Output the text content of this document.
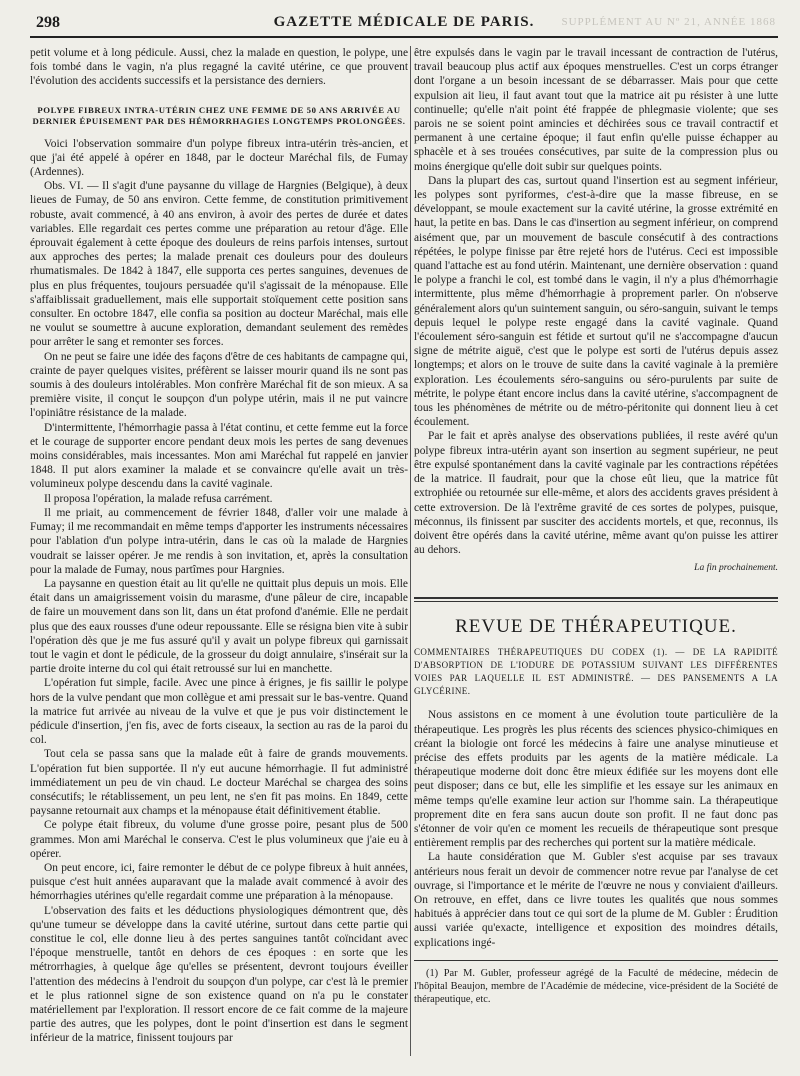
298	GAZETTE MÉDICALE DE PARIS.	SUPPLÉMENT AU Nº 21, ANNÉE 1868

petit volume et à long pédicule. Aussi, chez la malade en question, le polype, une fois tombé dans le vagin, n'a plus regagné la cavité utérine, ce que prouvent l'évolution des accidents successifs et la persistance des derniers.

POLYPE FIBREUX INTRA-UTÉRIN CHEZ UNE FEMME DE 50 ANS ARRIVÉE AU DERNIER ÉPUISEMENT PAR DES HÉMORRHAGIES LONGTEMPS PROLONGÉES.

Voici l'observation sommaire d'un polype fibreux intra-utérin très-ancien, et que j'ai été appelé à opérer en 1848, par le docteur Maréchal fils, de Fumay (Ardennes).

Obs. VI. — Il s'agit d'une paysanne du village de Hargnies (Belgique), à deux lieues de Fumay, de 50 ans environ. Cette femme, de constitution primitivement robuste, avait commencé, à 40 ans environ, à avoir des pertes de durée et dates variables. Elle regardait ces pertes comme une préparation au retour d'âge. Elle éprouvait également à cette époque des douleurs de reins parfois intenses, surtout aux approches des pertes; la malade prenait ces douleurs pour des douleurs rhumatismales. De 1842 à 1847, elle supporta ces pertes sanguines, devenues de plus en plus fréquentes, toujours persuadée qu'il s'agissait de la ménopause. Elle s'affaiblissait graduellement, mais elle supportait stoïquement cette position sans consulter. En octobre 1847, elle confia sa position au docteur Maréchal, mais elle ne voulut se soumettre à aucune exploration, demandant seulement des remèdes pour arrêter le sang et remonter ses forces.

On ne peut se faire une idée des façons d'être de ces habitants de campagne qui, crainte de payer quelques visites, préfèrent se laisser mourir quand ils ne sont pas soumis à des douleurs intolérables. Mon confrère Maréchal fit de son mieux. A sa première visite, il conçut le soupçon d'un polype utérin, mais il ne put vaincre l'opiniâtre résistance de la malade.

D'intermittente, l'hémorrhagie passa à l'état continu, et cette femme eut la force et le courage de supporter encore pendant deux mois les pertes de sang devenues moins considérables, mais incessantes. Mon ami Maréchal fut rappelé en janvier 1848. Il put alors examiner la malade et se convaincre qu'elle avait un très-volumineux polype descendu dans la cavité vaginale.

Il proposa l'opération, la malade refusa carrément.

Il me priait, au commencement de février 1848, d'aller voir une malade à Fumay; il me recommandait en même temps d'apporter les instruments nécessaires pour l'ablation d'un polype intra-utérin, dans le cas où la malade de Hargnies voudrait se laisser opérer. Je me rendis à son invitation, et, après la consultation pour la malade de Fumay, nous partîmes pour Hargnies.

La paysanne en question était au lit qu'elle ne quittait plus depuis un mois. Elle était dans un amaigrissement voisin du marasme, d'une pâleur de cire, incapable de faire un mouvement dans son lit, dans un état profond d'anémie. Elle ne perdait plus que des eaux rousses d'une odeur repoussante. Elle se résigna bien vite à subir l'opération dès que je me fus assuré qu'il y avait un polype fibreux qui garnissait tout le vagin et dont le pédicule, de la grosseur du doigt annulaire, s'insérait sur la partie droite interne du col qui était retroussé sur lui en manchette.

L'opération fut simple, facile. Avec une pince à érignes, je fis saillir le polype hors de la vulve pendant que mon collègue et ami pressait sur le bas-ventre. Quand la matrice fut arrivée au niveau de la vulve et que je pus voir distinctement le pédicule d'insertion, j'en fis, avec de forts ciseaux, la section au ras de la paroi du col.

Tout cela se passa sans que la malade eût à faire de grands mouvements. L'opération fut bien supportée. Il n'y eut aucune hémorrhagie. Il fut administré immédiatement un peu de vin chaud. Le docteur Maréchal se chargea des soins consécutifs; le rétablissement, un peu lent, ne s'en fit pas moins. En 1849, cette paysanne retournait aux champs et la ménopause était définitivement établie.

Ce polype était fibreux, du volume d'une grosse poire, pesant plus de 500 grammes. Mon ami Maréchal le conserva. C'est le plus volumineux que j'aie eu à opérer.

On peut encore, ici, faire remonter le début de ce polype fibreux à huit années, puisque c'est huit années auparavant que la malade avait commencé à avoir des hémorrhagies utérines qu'elle regardait comme une préparation à la ménopause.

L'observation des faits et les déductions physiologiques démontrent que, dès qu'une tumeur se développe dans la cavité utérine, surtout dans cette partie qui constitue le col, elle donne lieu à des pertes sanguines tantôt coïncidant avec l'époque menstruelle, tantôt en dehors de ces époques : en sorte que les métrorrhagies, à quelque âge qu'elles se présentent, devront toujours éveiller l'attention des médecins à l'endroit du soupçon d'un polype, car c'est là le premier et le plus rationnel signe de son existence quand on n'a pu le constater matériellement par l'exploration. Il ressort encore de ce fait comme de la majeure partie des autres, que les polypes, dont le point d'insertion est dans le segment inférieur de la matrice, finissent toujours par

être expulsés dans le vagin par le travail incessant de contraction de l'utérus, travail beaucoup plus actif aux époques menstruelles. C'est un corps étranger dont l'organe a un besoin incessant de se débarrasser. Mais pour que cette expulsion ait lieu, il faut avant tout que la matrice ait pu résister à une lutte continuelle; qu'elle n'ait point été frappée de phlegmasie violente; que ses parois ne se soient point amincies et déchirées sous ce travail contractif et permanent à une certaine époque; il faut enfin qu'elle puisse échapper au sphacèle et à ses trouées consécutives, par suite de la compression plus ou moins énergique qu'elle doit subir sur quelques points.

Dans la plupart des cas, surtout quand l'insertion est au segment inférieur, les polypes sont pyriformes, c'est-à-dire que la masse fibreuse, en se développant, se moule exactement sur la cavité utérine, la grosse extrémité en haut, la petite en bas. Dans le cas d'insertion au segment inférieur, on comprend aisément que, par un mouvement de bascule consécutif à des contractions répétées, le polype finisse par être rejeté hors de l'utérus. Ceci est impossible quand l'attache est au fond utérin. Maintenant, une dernière observation : quand le polype a franchi le col, est tombé dans le vagin, il n'y a plus d'hémorrhagie intermittente, plus même d'hémorrhagie à proprement parler. On n'observe généralement alors qu'un suintement sanguin, ou séro-sanguin, suivant le temps depuis lequel le polype reste engagé dans la cavité vaginale. Quand l'écoulement séro-sanguin est fétide et surtout qu'il ne s'accompagne d'aucun signe de métrite aiguë, c'est que le polype est sorti de l'utérus depuis assez longtemps; et alors on le trouve de suite dans la cavité vaginale à la première exploration. Les écoulements séro-sanguins ou séro-purulents par suite de métrite, le polype étant encore inclus dans la cavité utérine, s'accompagnent de tous les phénomènes de métrite ou de métro-péritonite qui donnent lieu à cet écoulement.

Par le fait et après analyse des observations publiées, il reste avéré qu'un polype fibreux intra-utérin ayant son insertion au segment supérieur, ne peut être expulsé spontanément dans la cavité vaginale par les contractions répétées de la matrice. Il faudrait, pour que la chose eût lieu, que la matrice fût extrophiée ou retournée sur elle-même, et alors des accidents graves président à cette extroversion. De là l'extrême gravité de ces sortes de polypes, puisque, méconnus, ils finissent par susciter des accidents mortels, et que, reconnus, ils doivent être opérés dans la cavité utérine, même avant qu'on puisse les attirer au dehors.

La fin prochainement.
REVUE DE THÉRAPEUTIQUE.
COMMENTAIRES THÉRAPEUTIQUES DU CODEX (1). — DE LA RAPIDITÉ D'ABSORPTION DE L'IODURE DE POTASSIUM SUIVANT LES DIFFÉRENTES VOIES PAR LAQUELLE IL EST ADMINISTRÉ. — DES PANSEMENTS A LA GLYCÉRINE.

Nous assistons en ce moment à une évolution toute particulière de la thérapeutique. Les progrès les plus récents des sciences physico-chimiques en créant la biologie ont forcé les médecins à faire une analyse minutieuse et précise des effets produits par les agents de la matière médicale. La thérapeutique moderne doit donc être mieux édifiée sur les moyens dont elle peut disposer; dans ce but, elle les simplifie et les essaye sur les animaux en même temps qu'elle examine leur action sur l'homme sain. La thérapeutique proprement dite en fera sans aucun doute son profit. Il ne faut donc pas s'étonner de voir qu'en ce moment les recueils de thérapeutique sont presque entièrement remplis par des recherches qui portent sur la matière médicale.

La haute considération que M. Gubler s'est acquise par ses travaux antérieurs nous ferait un devoir de commencer notre revue par l'analyse de cet ouvrage, si l'importance et le mérite de l'œuvre ne nous y conviaient d'ailleurs. On retrouve, en effet, dans ce livre toutes les qualités que nous sommes habitués à apprécier dans tout ce qui sort de la plume de M. Gubler : Érudition aussi variée qu'exacte, intelligence et exposition des moindres détails, explications ingé-

(1) Par M. Gubler, professeur agrégé de la Faculté de médecine, médecin de l'hôpital Beaujon, membre de l'Académie de médecine, vice-président de la Société de thérapeutique, etc.
